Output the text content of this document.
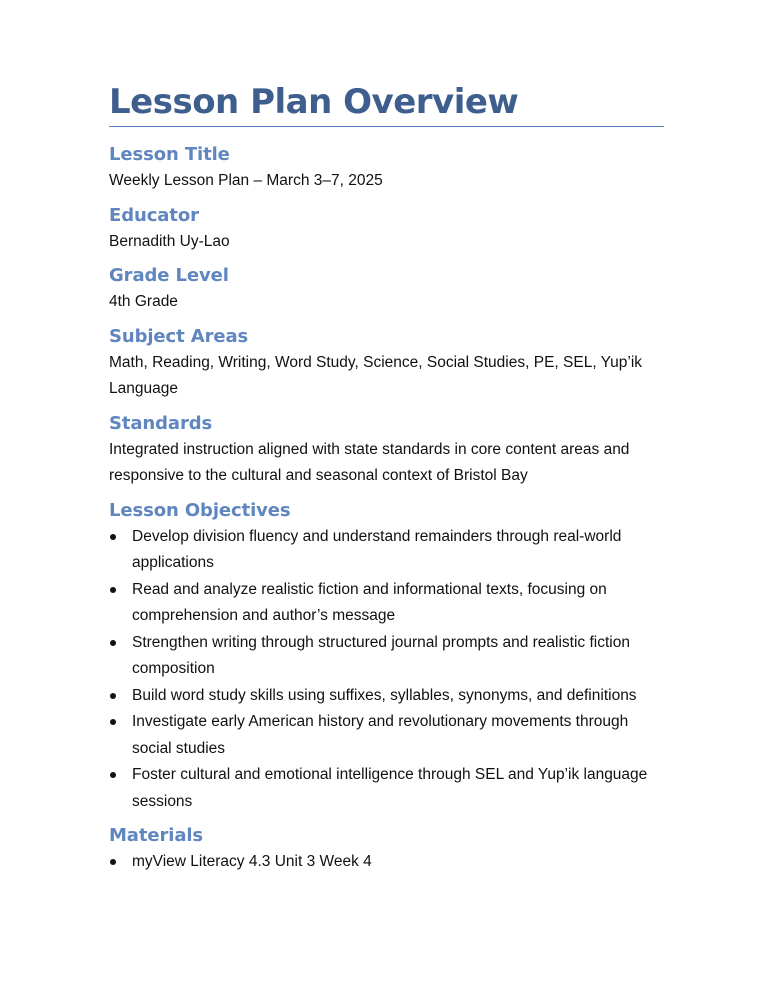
Lesson Plan Overview
Lesson Title

Weekly Lesson Plan – March 3–7, 2025

Educator

Bernadith Uy-Lao

Grade Level

4th Grade

Subject Areas

Math, Reading, Writing, Word Study, Science, Social Studies, PE, SEL, Yup’ik Language

Standards

Integrated instruction aligned with state standards in core content areas and responsive to the cultural and seasonal context of Bristol Bay

Lesson Objectives
Develop division fluency and understand remainders through real-world applications
Read and analyze realistic fiction and informational texts, focusing on comprehension and author’s message
Strengthen writing through structured journal prompts and realistic fiction composition
Build word study skills using suffixes, syllables, synonyms, and definitions
Investigate early American history and revolutionary movements through social studies
Foster cultural and emotional intelligence through SEL and Yup’ik language sessions
Materials
myView Literacy 4.3 Unit 3 Week 4
